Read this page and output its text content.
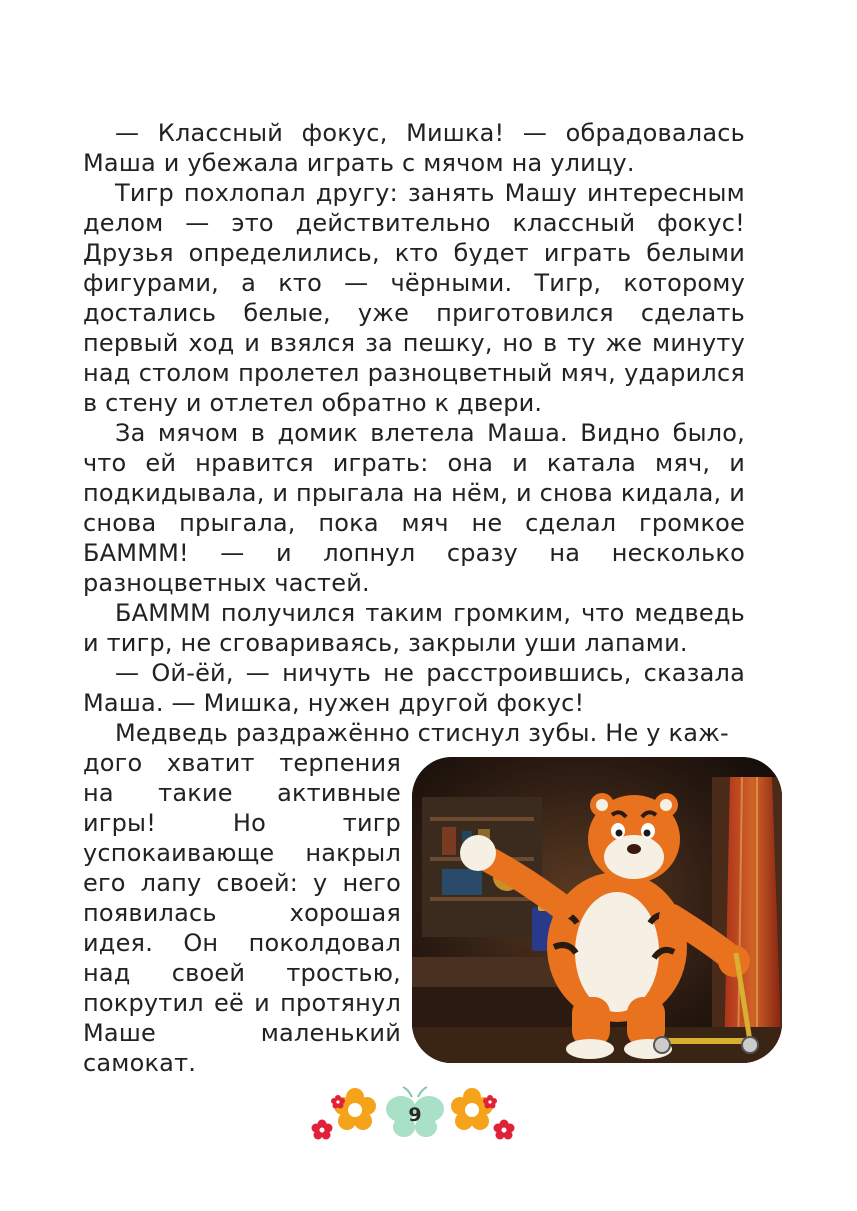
— Классный фокус, Мишка! — обрадовалась Маша и убежала играть с мячом на улицу.

Тигр похлопал другу: занять Машу интересным делом — это действительно классный фокус! Друзья определились, кто будет играть белыми фигурами, а кто — чёрными. Тигр, которому достались белые, уже приготовился сделать первый ход и взялся за пешку, но в ту же минуту над столом пролетел разноцветный мяч, ударился в стену и отлетел обратно к двери.

За мячом в домик влетела Маша. Видно было, что ей нравится играть: она и катала мяч, и подкидывала, и прыгала на нём, и снова кидала, и снова прыгала, пока мяч не сделал громкое БАМММ! — и лопнул сразу на несколько разноцветных частей.

БАМММ получился таким громким, что медведь и тигр, не сговариваясь, закрыли уши лапами.

— Ой-ёй, — ничуть не расстроившись, сказала Маша. — Мишка, нужен другой фокус!

Медведь раздражённо стиснул зубы. Не у каж-

дого хватит терпения на такие активные игры! Но тигр успокаивающе накрыл его лапу своей: у него появилась хорошая идея. Он поколдовал над своей тростью, покрутил её и протянул Маше маленький самокат.

9
